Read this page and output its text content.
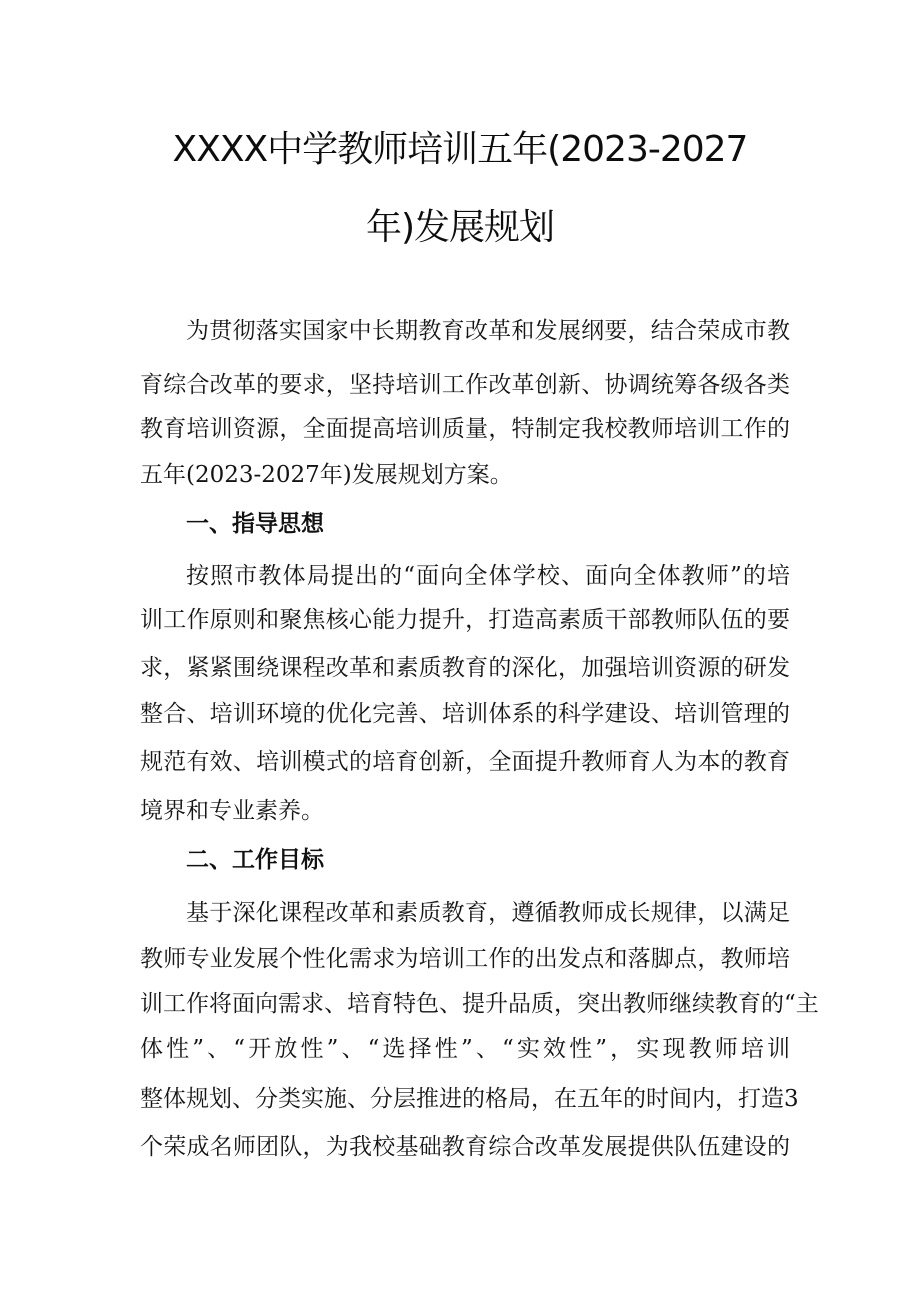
XXXX中学教师培训五年(2023-2027
年)发展规划
为贯彻落实国家中长期教育改革和发展纲要，结合荣成市教
育综合改革的要求，坚持培训工作改革创新、协调统筹各级各类
教育培训资源，全面提高培训质量，特制定我校教师培训工作的
五年(2023-2027年)发展规划方案。
一、指导思想
按照市教体局提出的“面向全体学校、面向全体教师”的培
训工作原则和聚焦核心能力提升，打造高素质干部教师队伍的要
求，紧紧围绕课程改革和素质教育的深化，加强培训资源的研发
整合、培训环境的优化完善、培训体系的科学建设、培训管理的
规范有效、培训模式的培育创新，全面提升教师育人为本的教育
境界和专业素养。
二、工作目标
基于深化课程改革和素质教育，遵循教师成长规律，以满足
教师专业发展个性化需求为培训工作的出发点和落脚点，教师培
训工作将面向需求、培育特色、提升品质，突出教师继续教育的“主
体性”、“开放性”、“选择性”、“实效性”，实现教师培训
整体规划、分类实施、分层推进的格局，在五年的时间内，打造3
个荣成名师团队，为我校基础教育综合改革发展提供队伍建设的
